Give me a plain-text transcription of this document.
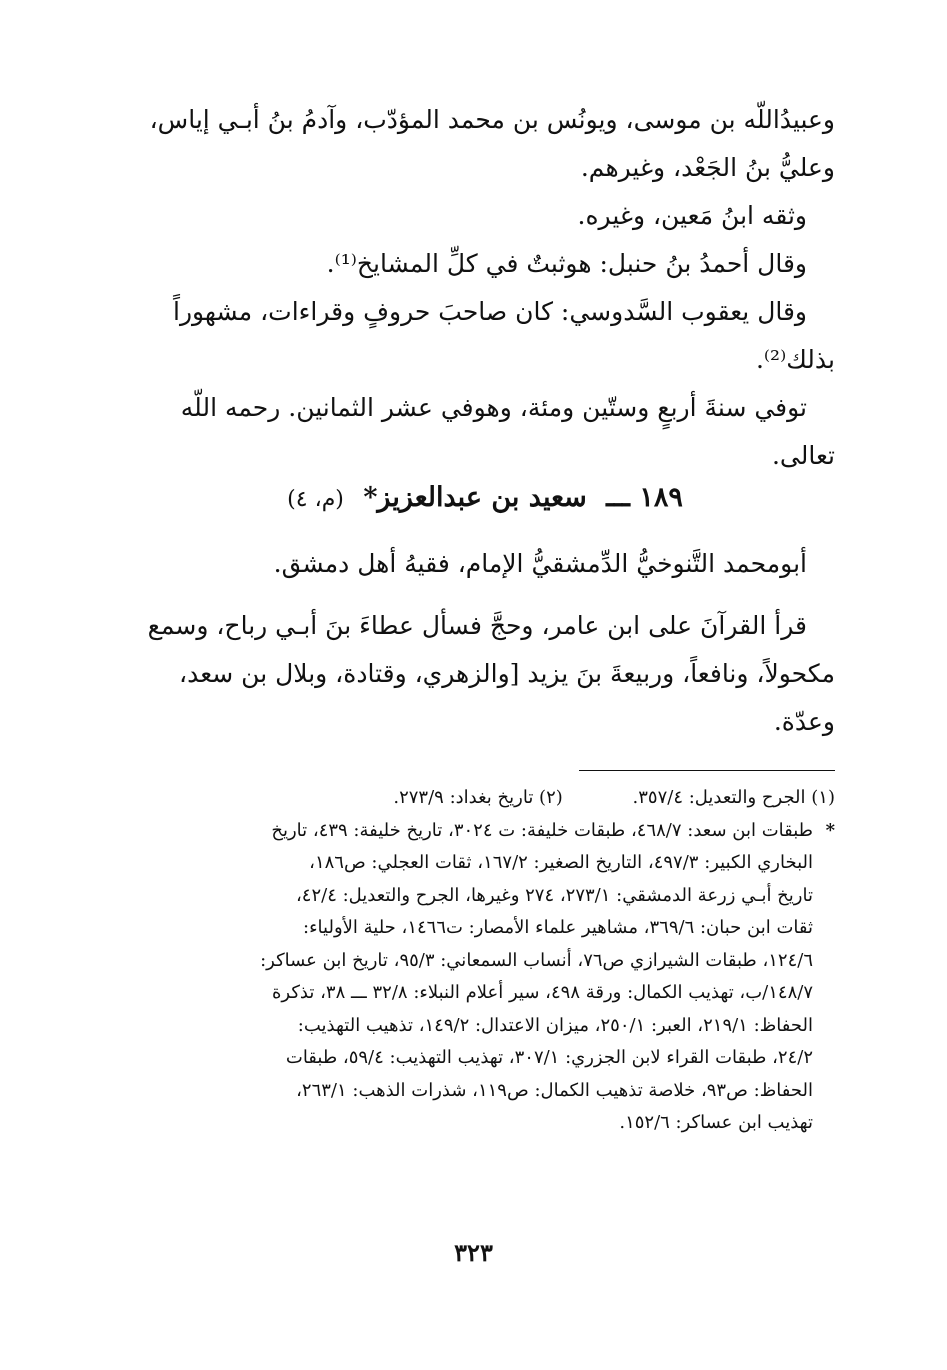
وعبيدُاللّه بن موسى، ويونُس بن محمد المؤدّب، وآدمُ بنُ أبـي إياس،
وعليُّ بنُ الجَعْد، وغيرهم.
وثقه ابنُ مَعين، وغيره.
وقال أحمدُ بنُ حنبل: هوثبتٌ في كلِّ المشايخ⁽¹⁾.
وقال يعقوب السَّدوسي: كان صاحبَ حروفٍ وقراءات، مشهوراً
بذلك⁽²⁾.
توفي سنةَ أربعٍ وستّين ومئة، وهوفي عشر الثمانين. رحمه اللّه
تعالى.
١٨٩ ـــ سعيد بن عبدالعزيز* (م، ٤)
أبومحمد التَّنوخيُّ الدِّمشقيُّ الإمام، فقيهُ أهل دمشق.
قرأ القرآنَ على ابن عامر، وحجَّ فسأل عطاءَ بنَ أبـي رباح، وسمع
مكحولاً، ونافعاً، وربيعةَ بنَ يزيد [والزهري، وقتادة، وبلال بن سعد،
وعدّة.
(١) الجرح والتعديل: ٣٥٧/٤. (٢) تاريخ بغداد: ٢٧٣/٩.
*طبقات ابن سعد: ٤٦٨/٧، طبقات خليفة: ت ٣٠٢٤، تاريخ خليفة: ٤٣٩، تاريخ
البخاري الكبير: ٤٩٧/٣، التاريخ الصغير: ١٦٧/٢، ثقات العجلي: ص١٨٦،
تاريخ أبـي زرعة الدمشقي: ٢٧٣/١، ٢٧٤ وغيرها، الجرح والتعديل: ٤٢/٤،
ثقات ابن حبان: ٣٦٩/٦، مشاهير علماء الأمصار: ت١٤٦٦، حلية الأولياء:
١٢٤/٦، طبقات الشيرازي ص٧٦، أنساب السمعاني: ٩٥/٣، تاريخ ابن عساكر:
١٤٨/٧/ب، تهذيب الكمال: ورقة ٤٩٨، سير أعلام النبلاء: ٣٢/٨ ـــ ٣٨، تذكرة
الحفاظ: ٢١٩/١، العبر: ٢٥٠/١، ميزان الاعتدال: ١٤٩/٢، تذهيب التهذيب:
٢٤/٢، طبقات القراء لابن الجزري: ٣٠٧/١، تهذيب التهذيب: ٥٩/٤، طبقات
الحفاظ: ص٩٣، خلاصة تذهيب الكمال: ص١١٩، شذرات الذهب: ٢٦٣/١،
تهذيب ابن عساكر: ١٥٢/٦.
٣٢٣
